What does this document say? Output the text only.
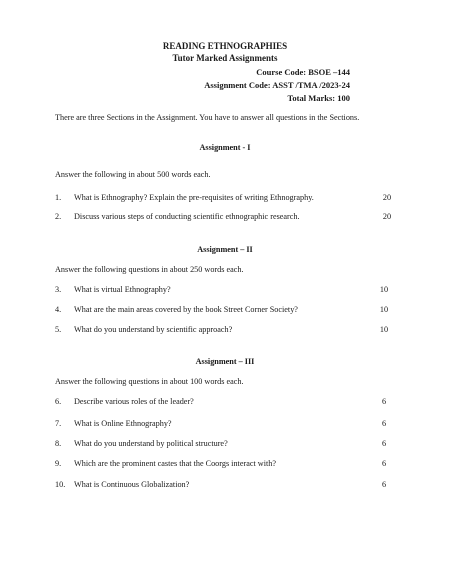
READING ETHNOGRAPHIES
Tutor Marked Assignments
Course Code: BSOE –144
Assignment Code: ASST /TMA /2023-24
Total Marks: 100
There are three Sections in the Assignment. You have to answer all questions in the Sections.
Assignment - I
Answer the following in about 500 words each.
1. What is Ethnography? Explain the pre-requisites of writing Ethnography.	20
2. Discuss various steps of conducting scientific ethnographic research.	20
Assignment – II
Answer the following questions in about 250 words each.
3. What is virtual Ethnography?	10
4. What are the main areas covered by the book Street Corner Society?	10
5. What do you understand by scientific approach?	10
Assignment – III
Answer the following questions in about 100 words each.
6. Describe various roles of the leader?	6
7. What is Online Ethnography?	6
8. What do you understand by political structure?	6
9. Which are the prominent castes that the Coorgs interact with?	6
10. What is Continuous Globalization?	6
